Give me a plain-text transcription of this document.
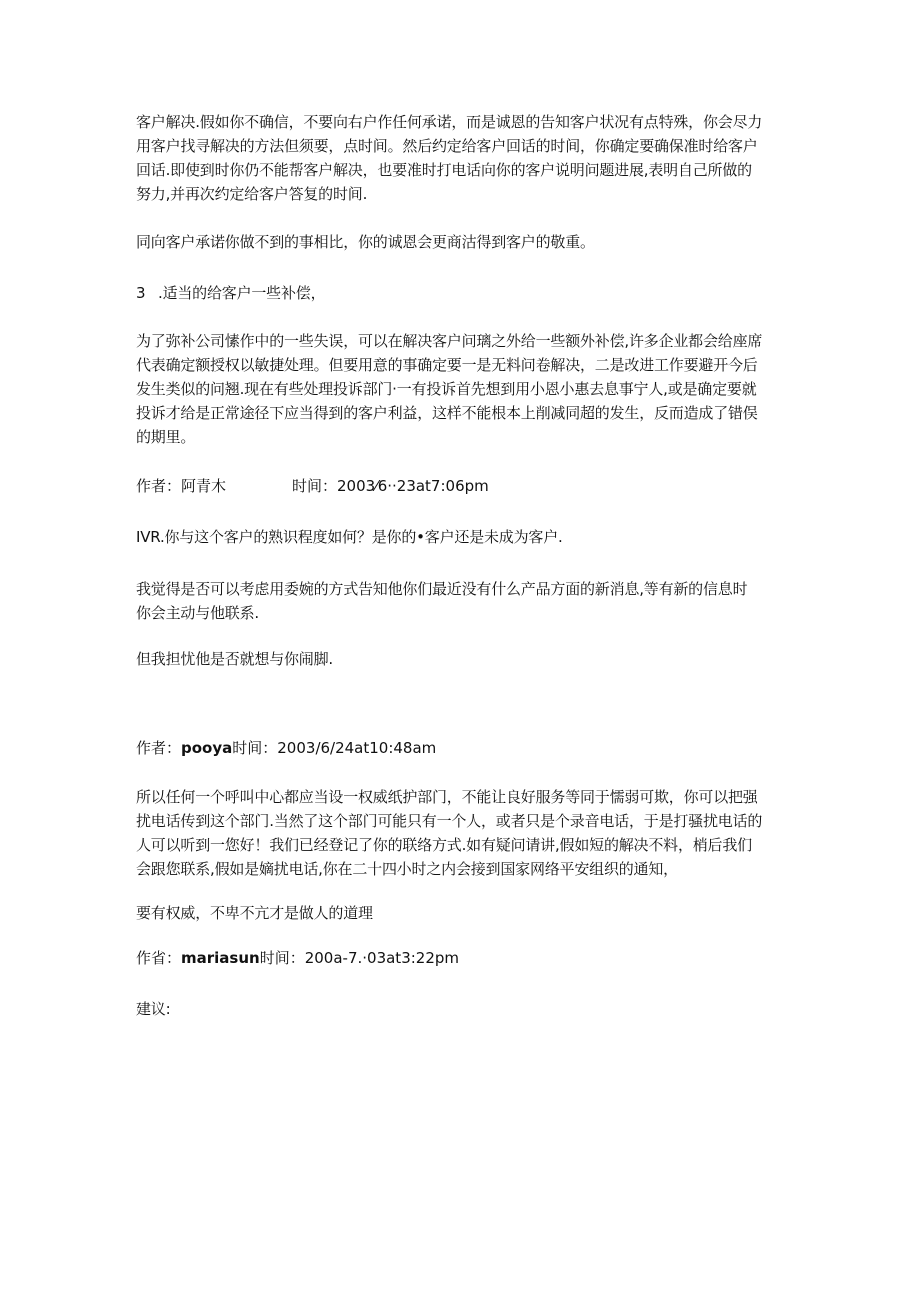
客户解决.假如你不确信，不要向右户作任何承诺，而是诚恩的告知客户状况有点特殊，你会尽力
用客户找寻解决的方法但须要，点时间。然后约定给客户回话的时间，你确定要确保准时给客户
回话.即使到时你仍不能帮客户解决，也要准时打电话向你的客户说明问题进展,表明自己所做的
努力,并再次约定给客户答复的时间.

同向客户承诺你做不到的事相比，你的诚恩会更商沽得到客户的敬重。

3 .适当的给客户一些补偿，

为了弥补公司愫作中的一些失误，可以在解决客户问璃之外给一些额外补偿,许多企业都会给座席
代表确定额授权以敏捷处理。但要用意的事确定要一是无料问卷解决，二是改进工作要避开今后
发生类似的问翘.现在有些处理投诉部门·一有投诉首先想到用小恩小惠去息事宁人,或是确定要就
投诉才给是正常途径下应当得到的客户利益，这样不能根本上削减同超的发生，反而造成了错俣
的期里。

作者：阿青木	时间：2003⁄6··23at7:06pm

IVR.你与这个客户的熟识程度如何？是你的•客户还是未成为客户.

我觉得是否可以考虑用委婉的方式告知他你们最近没有什么产品方面的新消息,等有新的信息时
你会主动与他联系.

但我担忧他是否就想与你闹脚.

作者：pooya时间：2003/6/24at10:48am

所以任何一个呼叫中心都应当设一权威纸护部门，不能让良好服务等同于懦弱可欺，你可以把强
扰电话传到这个部门.当然了这个部门可能只有一个人，或者只是个录音电话，于是打骚扰电话的
人可以听到一您好！我们已经登记了你的联络方式.如有疑问请讲,假如短的解决不料，梢后我们
会跟您联系,假如是嫡扰电话,你在二十四小时之内会接到国家网络平安组织的通知，

要有权威，不卑不亢才是做人的道理

作省：mariasun时间：200a-7.·03at3:22pm

建议:
